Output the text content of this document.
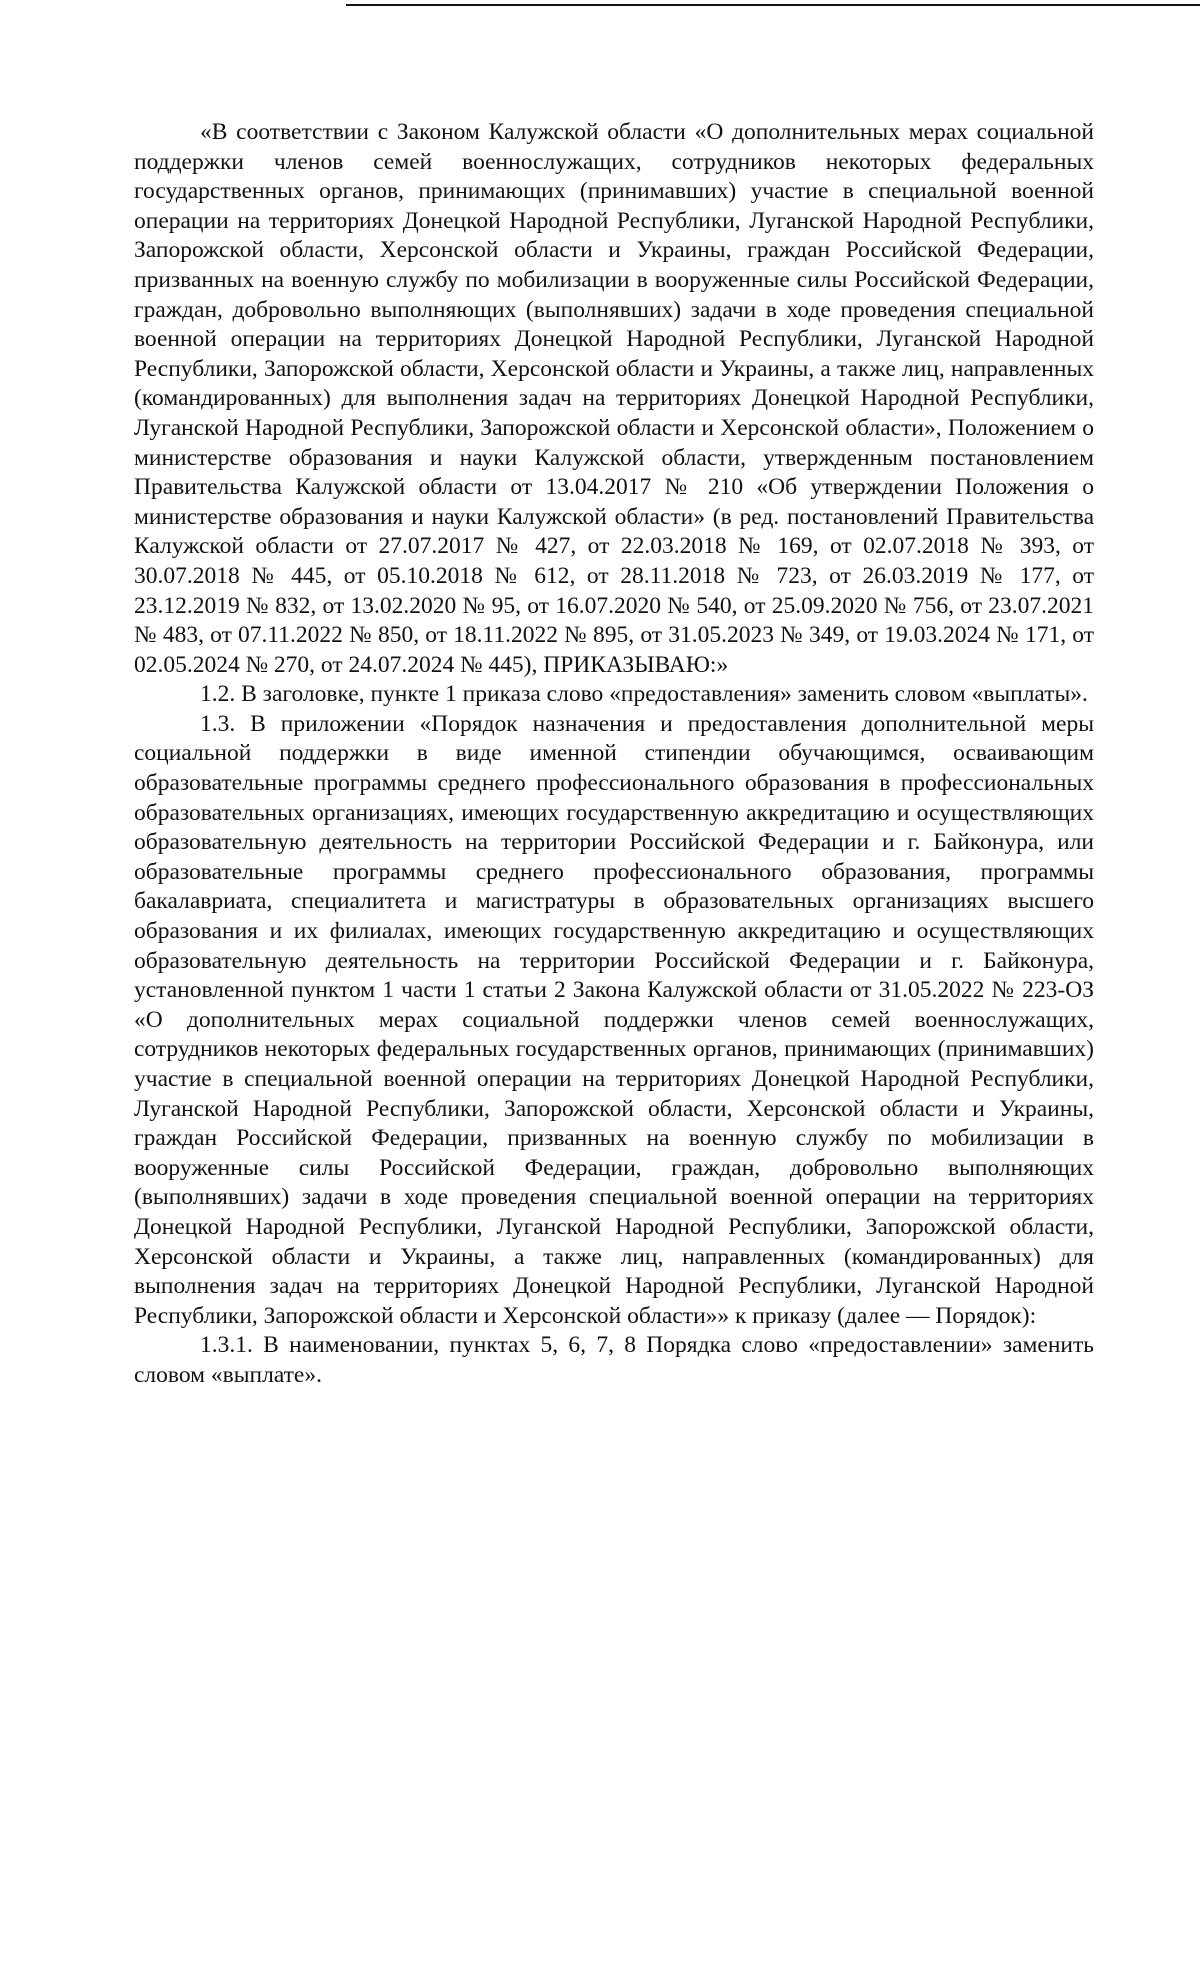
«В соответствии с Законом Калужской области «О дополнительных мерах социальной поддержки членов семей военнослужащих, сотрудников некоторых федеральных государственных органов, принимающих (принимавших) участие в специальной военной операции на территориях Донецкой Народной Республики, Луганской Народной Республики, Запорожской области, Херсонской области и Украины, граждан Российской Федерации, призванных на военную службу по мобилизации в вооруженные силы Российской Федерации, граждан, добровольно выполняющих (выполнявших) задачи в ходе проведения специальной военной операции на территориях Донецкой Народной Республики, Луганской Народной Республики, Запорожской области, Херсонской области и Украины, а также лиц, направленных (командированных) для выполнения задач на территориях Донецкой Народной Республики, Луганской Народной Республики, Запорожской области и Херсонской области», Положением о министерстве образования и науки Калужской области, утвержденным постановлением Правительства Калужской области от 13.04.2017 № 210 «Об утверждении Положения о министерстве образования и науки Калужской области» (в ред. постановлений Правительства Калужской области от 27.07.2017 № 427, от 22.03.2018 № 169, от 02.07.2018 № 393, от 30.07.2018 № 445, от 05.10.2018 № 612, от 28.11.2018 № 723, от 26.03.2019 № 177, от 23.12.2019 № 832, от 13.02.2020 № 95, от 16.07.2020 № 540, от 25.09.2020 № 756, от 23.07.2021 № 483, от 07.11.2022 № 850, от 18.11.2022 № 895, от 31.05.2023 № 349, от 19.03.2024 № 171, от 02.05.2024 № 270, от 24.07.2024 № 445), ПРИКАЗЫВАЮ:»

1.2. В заголовке, пункте 1 приказа слово «предоставления» заменить словом «выплаты».

1.3. В приложении «Порядок назначения и предоставления дополнительной меры социальной поддержки в виде именной стипендии обучающимся, осваивающим образовательные программы среднего профессионального образования в профессиональных образовательных организациях, имеющих государственную аккредитацию и осуществляющих образовательную деятельность на территории Российской Федерации и г. Байконура, или образовательные программы среднего профессионального образования, программы бакалавриата, специалитета и магистратуры в образовательных организациях высшего образования и их филиалах, имеющих государственную аккредитацию и осуществляющих образовательную деятельность на территории Российской Федерации и г. Байконура, установленной пунктом 1 части 1 статьи 2 Закона Калужской области от 31.05.2022 № 223-ОЗ «О дополнительных мерах социальной поддержки членов семей военнослужащих, сотрудников некоторых федеральных государственных органов, принимающих (принимавших) участие в специальной военной операции на территориях Донецкой Народной Республики, Луганской Народной Республики, Запорожской области, Херсонской области и Украины, граждан Российской Федерации, призванных на военную службу по мобилизации в вооруженные силы Российской Федерации, граждан, добровольно выполняющих (выполнявших) задачи в ходе проведения специальной военной операции на территориях Донецкой Народной Республики, Луганской Народной Республики, Запорожской области, Херсонской области и Украины, а также лиц, направленных (командированных) для выполнения задач на территориях Донецкой Народной Республики, Луганской Народной Республики, Запорожской области и Херсонской области»» к приказу (далее — Порядок):

1.3.1. В наименовании, пунктах 5, 6, 7, 8 Порядка слово «предоставлении» заменить словом «выплате».
